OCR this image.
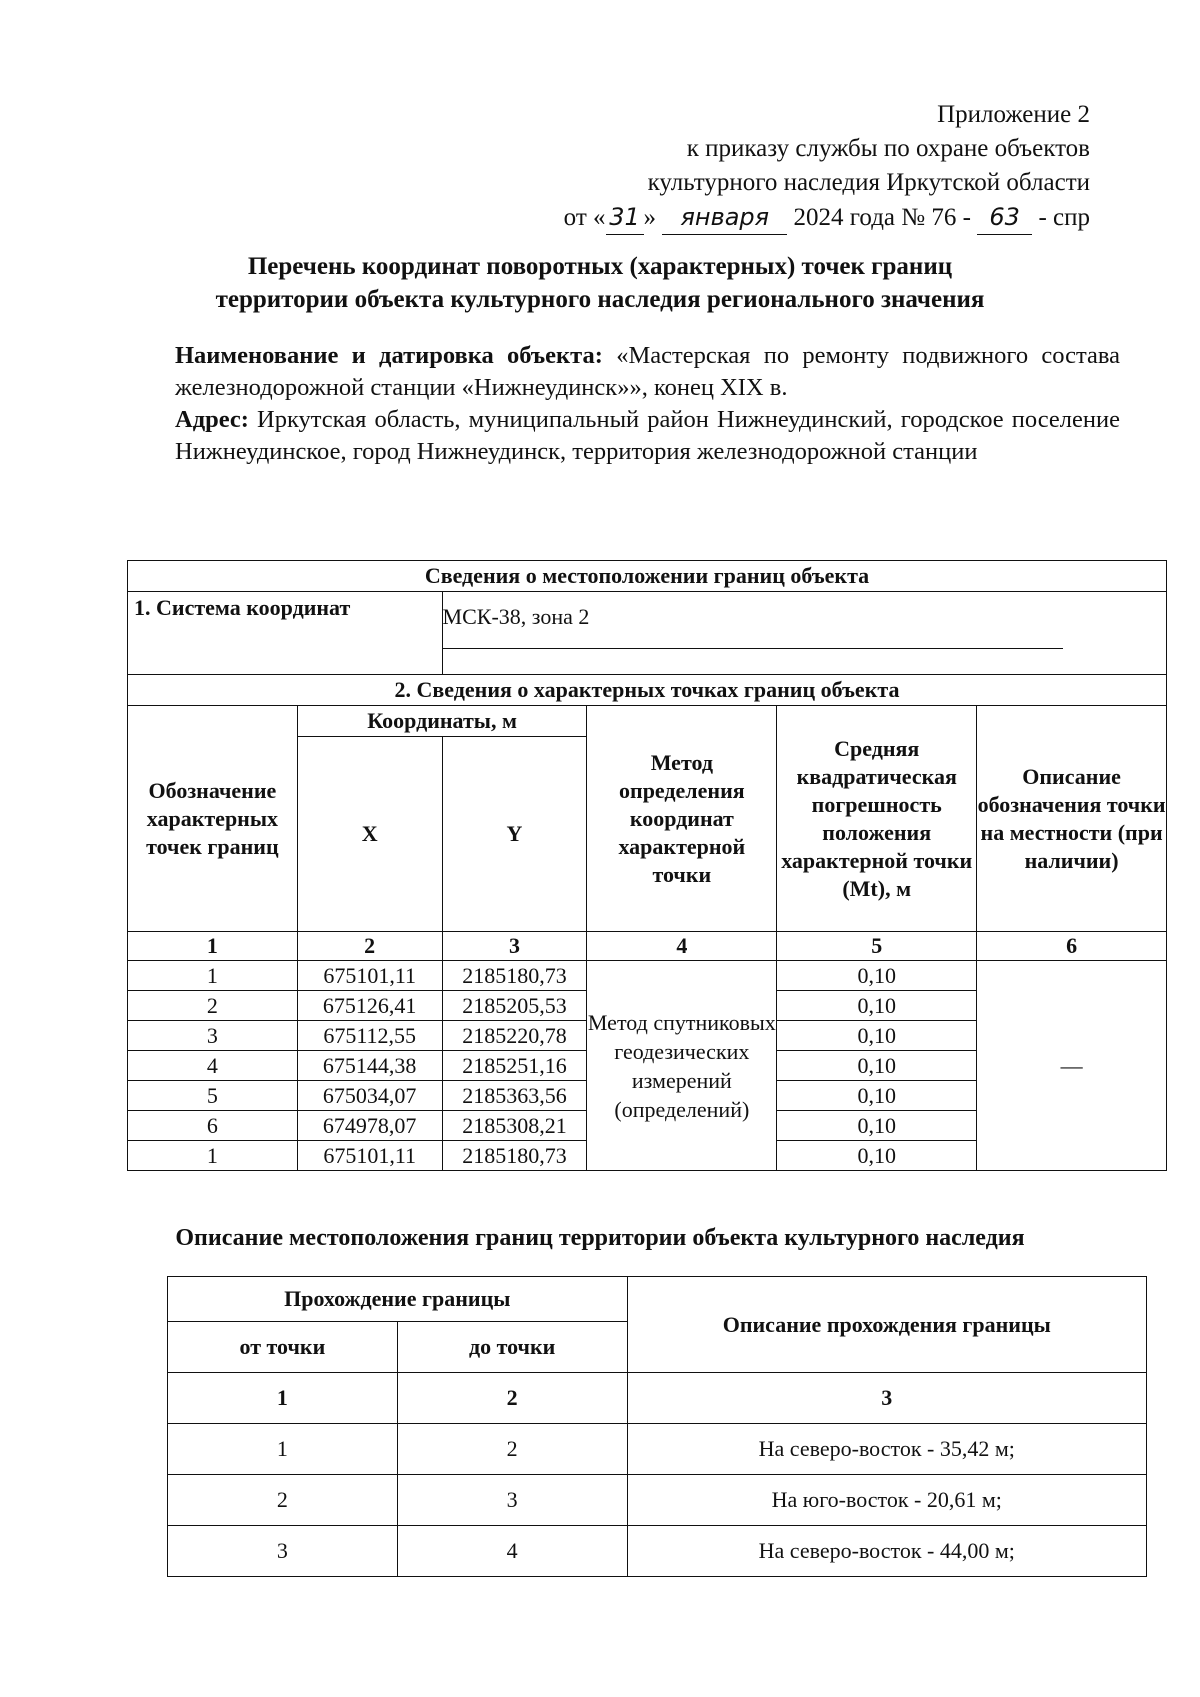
Приложение 2
к приказу службы по охране объектов
культурного наследия Иркутской области
от « 31 » января 2024 года № 76 - 63 - спр
Перечень координат поворотных (характерных) точек границ
территории объекта культурного наследия регионального значения
Наименование и датировка объекта: «Мастерская по ремонту подвижного состава железнодорожной станции «Нижнеудинск»», конец XIX в.
Адрес: Иркутская область, муниципальный район Нижнеудинский, городское поселение Нижнеудинское, город Нижнеудинск, территория железнодорожной станции
Сведения о местоположении границ объекта					
1. Система координат		МСК-38, зона 2			
2. Сведения о характерных точках границ объекта					
Обозначение характерных точек границ	Координаты, м		Метод определения координат характерной точки	Средняя квадратическая погрешность положения характерной точки (Mt), м	Описание обозначения точки на местности (при наличии)
	X	Y			
1	2	3	4	5	6
1	675101,11	2185180,73	Метод спутниковых геодезических измерений (определений)	0,10	—
2	675126,41	2185205,53		0,10	
3	675112,55	2185220,78		0,10	
4	675144,38	2185251,16		0,10	
5	675034,07	2185363,56		0,10	
6	674978,07	2185308,21		0,10	
1	675101,11	2185180,73		0,10	
Описание местоположения границ территории объекта культурного наследия
Прохождение границы		Описание прохождения границы
от точки	до точки	
1	2	3
1	2	На северо-восток - 35,42 м;
2	3	На юго-восток - 20,61 м;
3	4	На северо-восток - 44,00 м;
